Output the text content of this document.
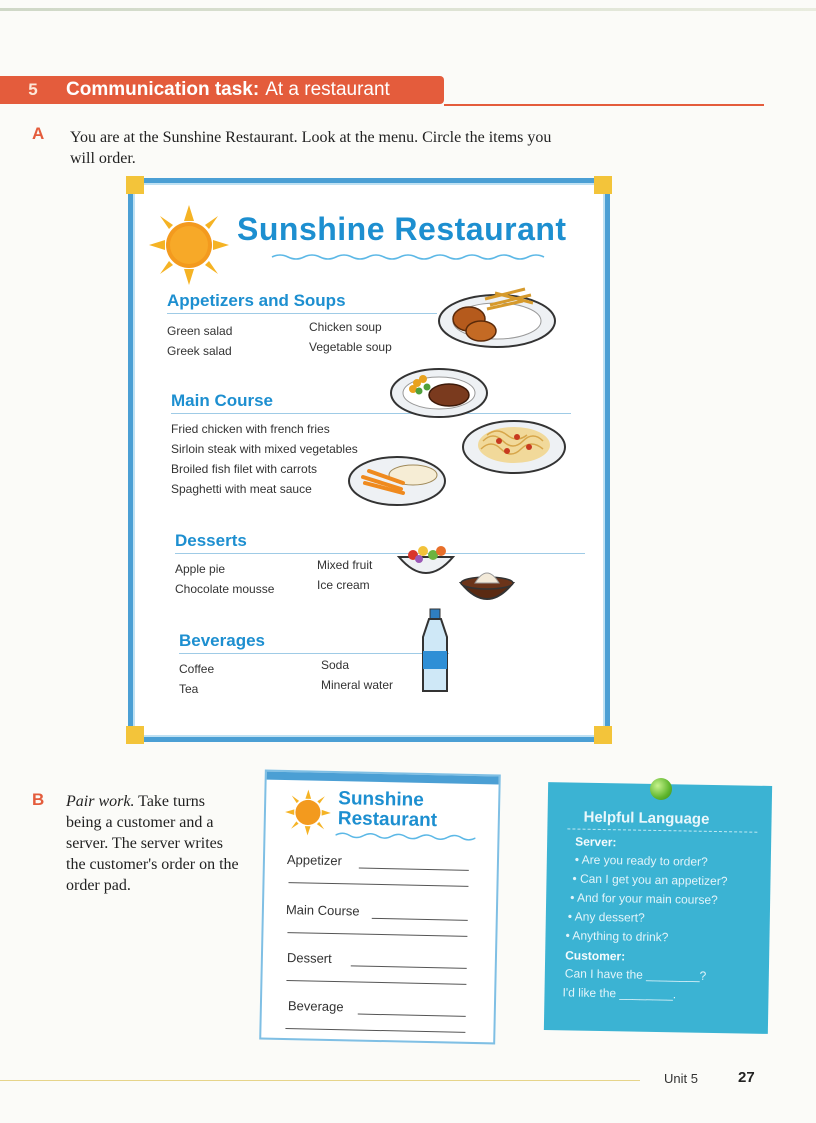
5	Communication task: At a restaurant
A You are at the Sunshine Restaurant. Look at the menu. Circle the items you will order.
Sunshine Restaurant
Appetizers and Soups
Green salad
Greek salad
Chicken soup
Vegetable soup
Main Course
Fried chicken with french fries
Sirloin steak with mixed vegetables
Broiled fish filet with carrots
Spaghetti with meat sauce
Desserts
Apple pie
Chocolate mousse
Mixed fruit
Ice cream
Beverages
Coffee
Tea
Soda
Mineral water
B Pair work. Take turns being a customer and a server. The server writes the customer's order on the order pad.
Sunshine
Restaurant
Appetizer
Main Course
Dessert
Beverage
Helpful Language
Server:
• Are you ready to order?
• Can I get you an appetizer?
• And for your main course?
• Any dessert?
• Anything to drink?
Customer:
Can I have the ________?
I'd like the ________.
Unit 5	27
